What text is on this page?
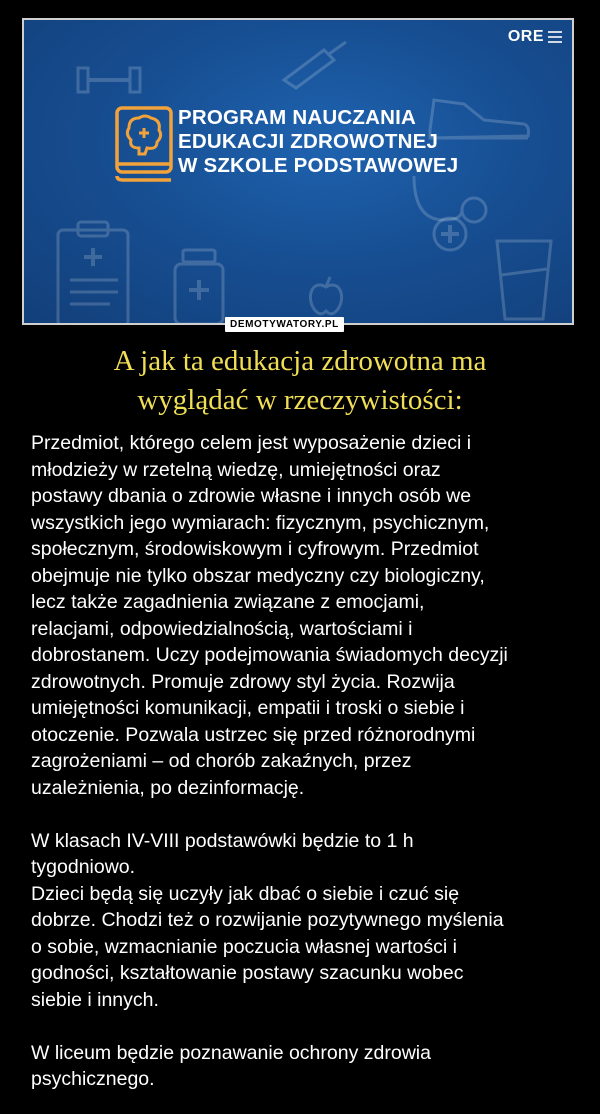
ORE
PROGRAM NAUCZANIA
EDUKACJI ZDROWOTNEJ
W SZKOLE PODSTAWOWEJ
DEMOTYWATORY.PL
A jak ta edukacja zdrowotna ma
wyglądać w rzeczywistości:

Przedmiot, którego celem jest wyposażenie dzieci i

młodzieży w rzetelną wiedzę, umiejętności oraz

postawy dbania o zdrowie własne i innych osób we

wszystkich jego wymiarach: fizycznym, psychicznym,

społecznym, środowiskowym i cyfrowym. Przedmiot

obejmuje nie tylko obszar medyczny czy biologiczny,

lecz także zagadnienia związane z emocjami,

relacjami, odpowiedzialnością, wartościami i

dobrostanem. Uczy podejmowania świadomych decyzji

zdrowotnych. Promuje zdrowy styl życia. Rozwija

umiejętności komunikacji, empatii i troski o siebie i

otoczenie. Pozwala ustrzec się przed różnorodnymi

zagrożeniami – od chorób zakaźnych, przez

uzależnienia, po dezinformację.

W klasach IV-VIII podstawówki będzie to 1 h

tygodniowo.

Dzieci będą się uczyły jak dbać o siebie i czuć się

dobrze. Chodzi też o rozwijanie pozytywnego myślenia

o sobie, wzmacnianie poczucia własnej wartości i

godności, kształtowanie postawy szacunku wobec

siebie i innych.

W liceum będzie poznawanie ochrony zdrowia

psychicznego.
